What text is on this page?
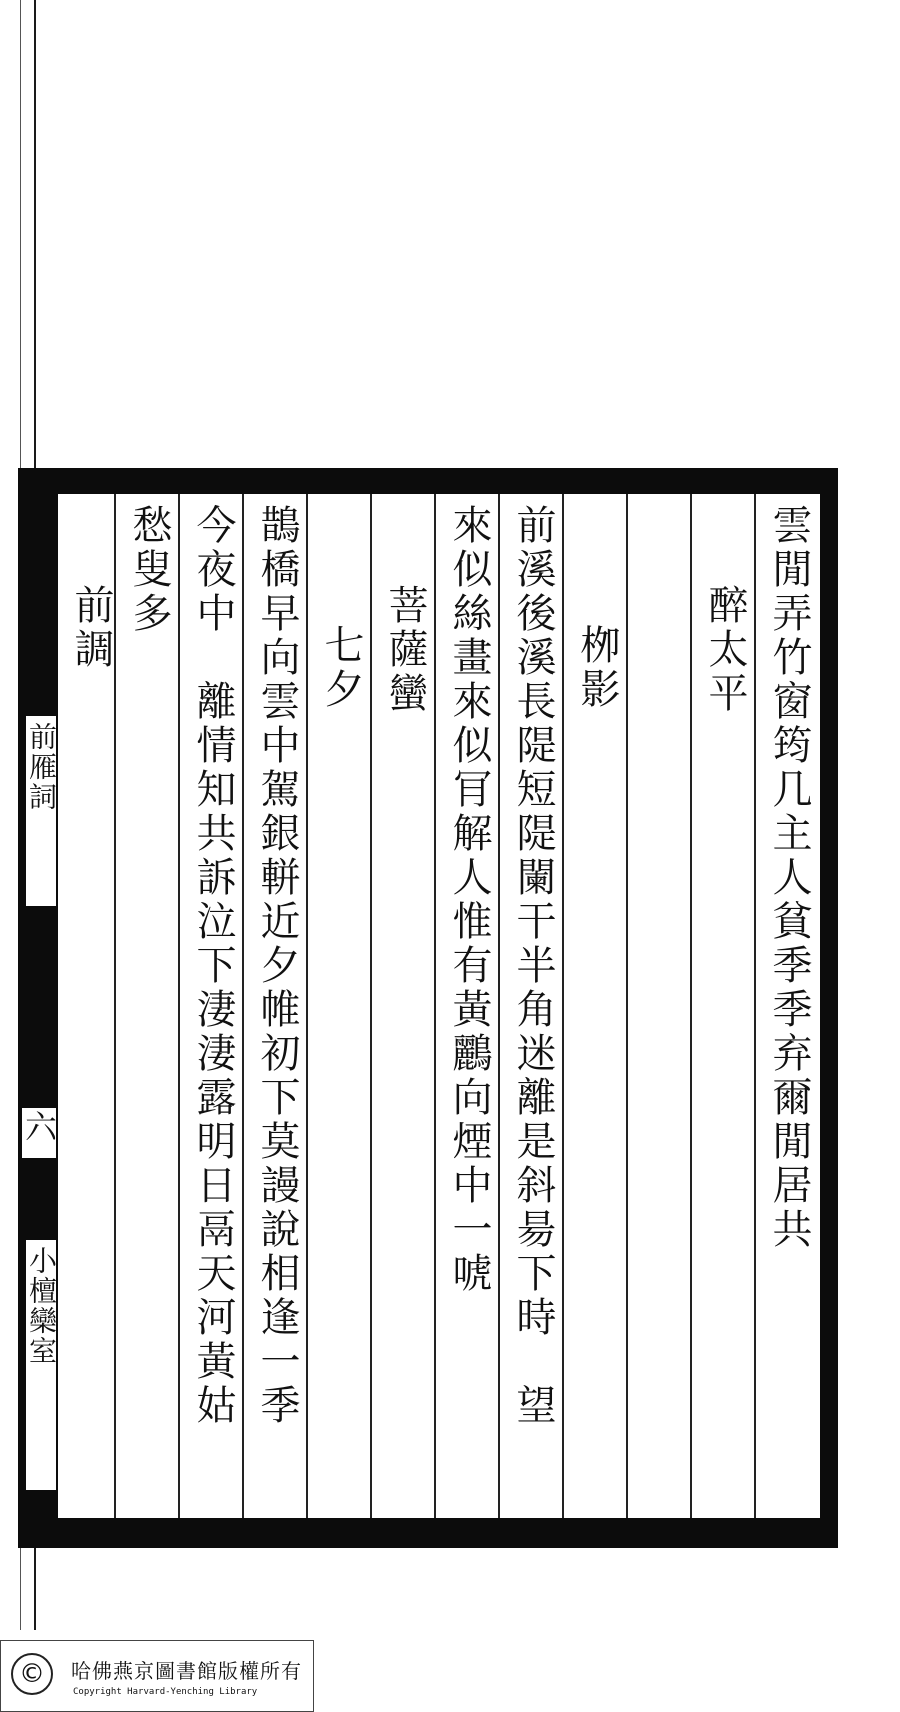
前雁詞
六
小檀欒室
雲閒弄竹窗筠几主人貧季季弃爾閒居共
醉太平
栁影
前溪後溪長隄短隄闌干半角迷離是斜昜下時　望
來似絲畫來似肎解人惟有黃鸝向煙中一唬
菩薩蠻
七夕
鵲橋早向雲中駕銀軿近夕帷初下莫謾說相逢一季
今夜中　離情知共訴泣下淒淒露明日鬲天河黃姑
愁叟多
前調
©	哈佛燕京圖書館版權所有
Copyright Harvard-Yenching Library
